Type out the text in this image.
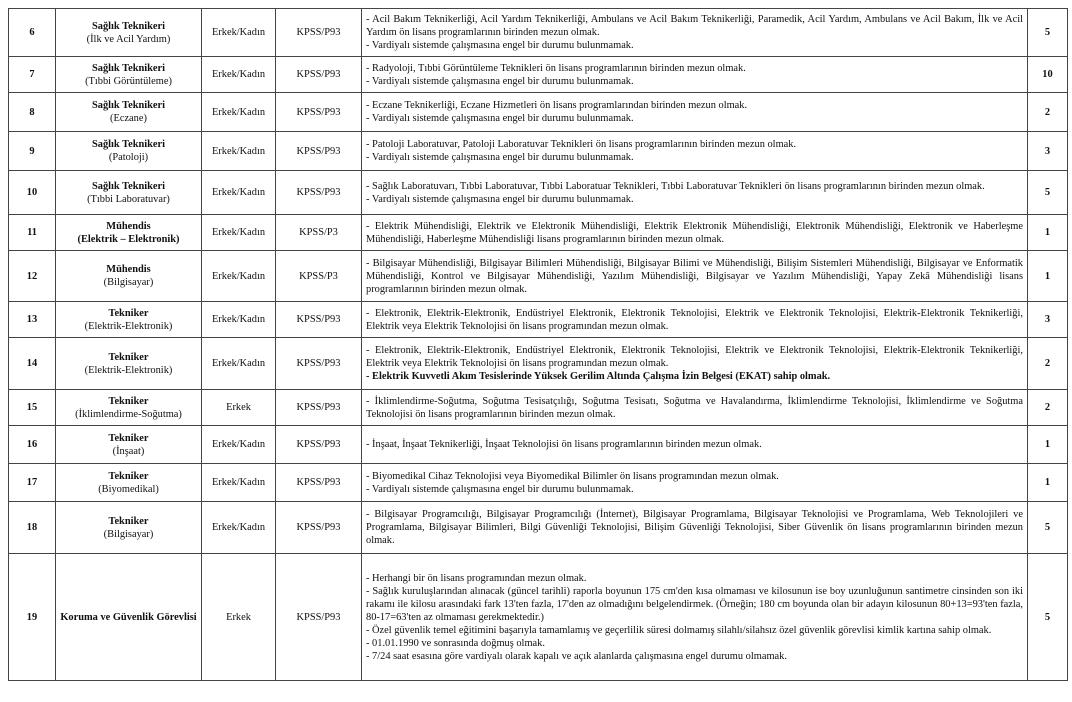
6	Sağlık Teknikeri
(İlk ve Acil Yardım)	Erkek/Kadın	KPSS/P93	- Acil Bakım Teknikerliği, Acil Yardım Teknikerliği, Ambulans ve Acil Bakım Teknikerliği, Paramedik, Acil Yardım, Ambulans ve Acil Bakım, İlk ve Acil Yardım ön lisans programlarının birinden mezun olmak.
- Vardiyalı sistemde çalışmasına engel bir durumu bulunmamak.	5
7	Sağlık Teknikeri
(Tıbbi Görüntüleme)	Erkek/Kadın	KPSS/P93	- Radyoloji, Tıbbi Görüntüleme Teknikleri ön lisans programlarının birinden mezun olmak.
- Vardiyalı sistemde çalışmasına engel bir durumu bulunmamak.	10
8	Sağlık Teknikeri
(Eczane)	Erkek/Kadın	KPSS/P93	- Eczane Teknikerliği, Eczane Hizmetleri ön lisans programlarından birinden mezun olmak.
- Vardiyalı sistemde çalışmasına engel bir durumu bulunmamak.	2
9	Sağlık Teknikeri
(Patoloji)	Erkek/Kadın	KPSS/P93	- Patoloji Laboratuvar, Patoloji Laboratuvar Teknikleri ön lisans programlarının birinden mezun olmak.
- Vardiyalı sistemde çalışmasına engel bir durumu bulunmamak.	3
10	Sağlık Teknikeri
(Tıbbi Laboratuvar)	Erkek/Kadın	KPSS/P93	- Sağlık Laboratuvarı, Tıbbi Laboratuvar, Tıbbi Laboratuar Teknikleri, Tıbbi Laboratuvar Teknikleri ön lisans programlarının birinden mezun olmak.
- Vardiyalı sistemde çalışmasına engel bir durumu bulunmamak.	5
11	Mühendis
(Elektrik – Elektronik)	Erkek/Kadın	KPSS/P3	- Elektrik Mühendisliği, Elektrik ve Elektronik Mühendisliği, Elektrik Elektronik Mühendisliği, Elektronik Mühendisliği, Elektronik ve Haberleşme Mühendisliği, Haberleşme Mühendisliği lisans programlarının birinden mezun olmak.	1
12	Mühendis
(Bilgisayar)	Erkek/Kadın	KPSS/P3	- Bilgisayar Mühendisliği, Bilgisayar Bilimleri Mühendisliği, Bilgisayar Bilimi ve Mühendisliği, Bilişim Sistemleri Mühendisliği, Bilgisayar ve Enformatik Mühendisliği, Kontrol ve Bilgisayar Mühendisliği, Yazılım Mühendisliği, Bilgisayar ve Yazılım Mühendisliği, Yapay Zekâ Mühendisliği lisans programlarının birinden mezun olmak.	1
13	Tekniker
(Elektrik-Elektronik)	Erkek/Kadın	KPSS/P93	- Elektronik, Elektrik-Elektronik, Endüstriyel Elektronik, Elektronik Teknolojisi, Elektrik ve Elektronik Teknolojisi, Elektrik-Elektronik Teknikerliği, Elektrik veya Elektrik Teknolojisi ön lisans programından mezun olmak.	3
14	Tekniker
(Elektrik-Elektronik)	Erkek/Kadın	KPSS/P93	- Elektronik, Elektrik-Elektronik, Endüstriyel Elektronik, Elektronik Teknolojisi, Elektrik ve Elektronik Teknolojisi, Elektrik-Elektronik Teknikerliği, Elektrik veya Elektrik Teknolojisi ön lisans programından mezun olmak.
- Elektrik Kuvvetli Akım Tesislerinde Yüksek Gerilim Altında Çalışma İzin Belgesi (EKAT) sahip olmak.	2
15	Tekniker
(İklimlendirme-Soğutma)	Erkek	KPSS/P93	- İklimlendirme-Soğutma, Soğutma Tesisatçılığı, Soğutma Tesisatı, Soğutma ve Havalandırma, İklimlendirme Teknolojisi, İklimlendirme ve Soğutma Teknolojisi ön lisans programlarının birinden mezun olmak.	2
16	Tekniker
(İnşaat)	Erkek/Kadın	KPSS/P93	- İnşaat, İnşaat Teknikerliği, İnşaat Teknolojisi ön lisans programlarının birinden mezun olmak.	1
17	Tekniker
(Biyomedikal)	Erkek/Kadın	KPSS/P93	- Biyomedikal Cihaz Teknolojisi veya Biyomedikal Bilimler ön lisans programından mezun olmak.
- Vardiyalı sistemde çalışmasına engel bir durumu bulunmamak.	1
18	Tekniker
(Bilgisayar)	Erkek/Kadın	KPSS/P93	- Bilgisayar Programcılığı, Bilgisayar Programcılığı (İnternet), Bilgisayar Programlama, Bilgisayar Teknolojisi ve Programlama, Web Teknolojileri ve Programlama, Bilgisayar Bilimleri, Bilgi Güvenliği Teknolojisi, Bilişim Güvenliği Teknolojisi, Siber Güvenlik ön lisans programlarının birinden mezun olmak.	5
19	Koruma ve Güvenlik Görevlisi	Erkek	KPSS/P93	- Herhangi bir ön lisans programından mezun olmak.
- Sağlık kuruluşlarından alınacak (güncel tarihli) raporla boyunun 175 cm'den kısa olmaması ve kilosunun ise boy uzunluğunun santimetre cinsinden son iki rakamı ile kilosu arasındaki fark 13'ten fazla, 17'den az olmadığını belgelendirmek. (Örneğin; 180 cm boyunda olan bir adayın kilosunun 80+13=93'ten fazla, 80-17=63'ten az olmaması gerekmektedir.)
- Özel güvenlik temel eğitimini başarıyla tamamlamış ve geçerlilik süresi dolmamış silahlı/silahsız özel güvenlik görevlisi kimlik kartına sahip olmak.
- 01.01.1990 ve sonrasında doğmuş olmak.
- 7/24 saat esasına göre vardiyalı olarak kapalı ve açık alanlarda çalışmasına engel durumu olmamak.	5
